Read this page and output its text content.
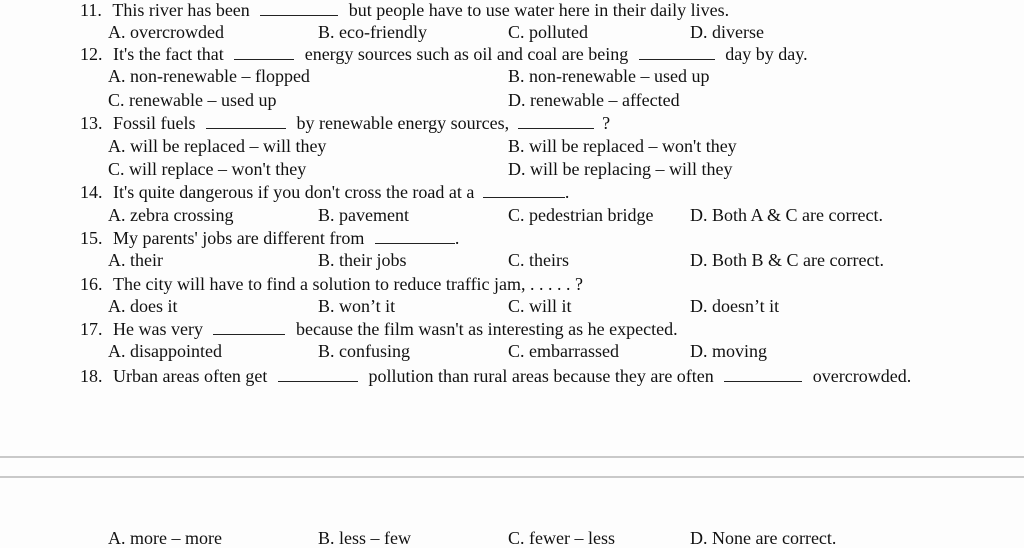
11. This river has been	but people have to use water here in their daily lives.
A. overcrowded	B. eco-friendly	C. polluted	D. diverse
12. It's the fact that	energy sources such as oil and coal are being	day by day.
A. non-renewable – flopped	B. non-renewable – used up
C. renewable – used up	D. renewable – affected
13. Fossil fuels	by renewable energy sources,	?
A. will be replaced – will they	B. will be replaced – won't they
C. will replace – won't they	D. will be replacing – will they
14. It's quite dangerous if you don't cross the road at a	.
A. zebra crossing	B. pavement	C. pedestrian bridge D. Both A & C are correct.
15. My parents' jobs are different from	.
A. their	B. their jobs	C. theirs	D. Both B & C are correct.
16. The city will have to find a solution to reduce traffic jam, . . . . . ?
A. does it	B. won’t it	C. will it	D. doesn’t it
17. He was very	because the film wasn't as interesting as he expected.
A. disappointed	B. confusing	C. embarrassed	D. moving
18. Urban areas often get	pollution than rural areas because they are often	overcrowded.
A. more – more	B. less – few	C. fewer – less	D. None are correct.
